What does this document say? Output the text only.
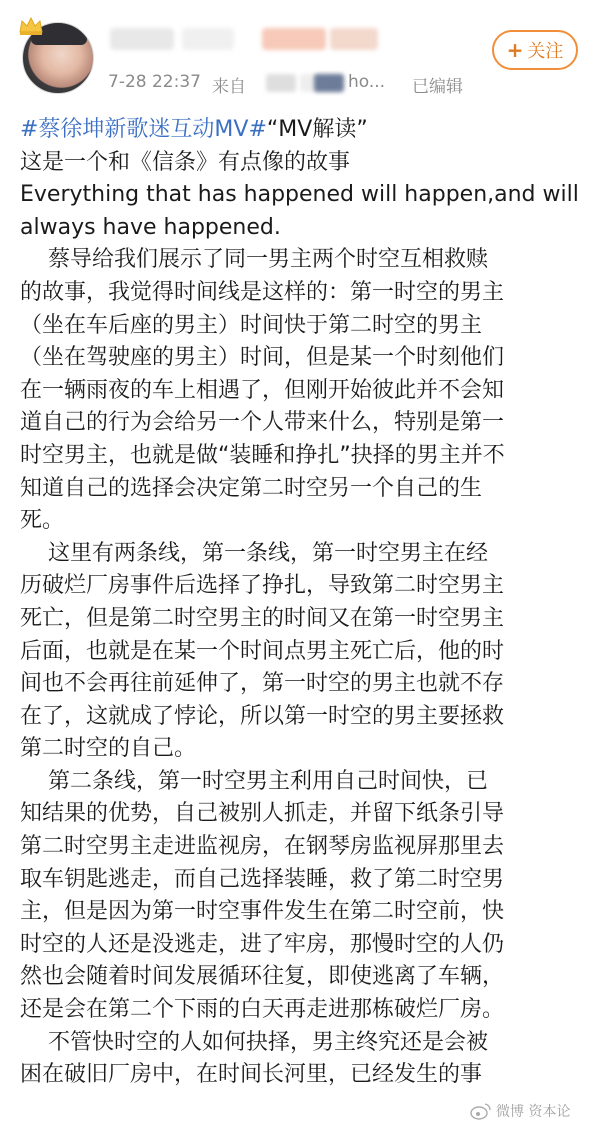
7-28 22:37 来自	ho... 已编辑
+ 关注

#蔡徐坤新歌迷互动MV#“MV解读”

这是一个和《信条》有点像的故事

Everything that has happened will happen,and will

always have happened.

蔡导给我们展示了同一男主两个时空互相救赎

的故事，我觉得时间线是这样的：第一时空的男主

（坐在车后座的男主）时间快于第二时空的男主

（坐在驾驶座的男主）时间，但是某一个时刻他们

在一辆雨夜的车上相遇了，但刚开始彼此并不会知

道自己的行为会给另一个人带来什么，特别是第一

时空男主，也就是做“装睡和挣扎”抉择的男主并不

知道自己的选择会决定第二时空另一个自己的生

死。

这里有两条线，第一条线，第一时空男主在经

历破烂厂房事件后选择了挣扎，导致第二时空男主

死亡，但是第二时空男主的时间又在第一时空男主

后面，也就是在某一个时间点男主死亡后，他的时

间也不会再往前延伸了，第一时空的男主也就不存

在了，这就成了悖论，所以第一时空的男主要拯救

第二时空的自己。

第二条线，第一时空男主利用自己时间快，已

知结果的优势，自己被别人抓走，并留下纸条引导

第二时空男主走进监视房，在钢琴房监视屏那里去

取车钥匙逃走，而自己选择装睡，救了第二时空男

主，但是因为第一时空事件发生在第二时空前，快

时空的人还是没逃走，进了牢房，那慢时空的人仍

然也会随着时间发展循环往复，即使逃离了车辆，

还是会在第二个下雨的白天再走进那栋破烂厂房。

不管快时空的人如何抉择，男主终究还是会被

困在破旧厂房中，在时间长河里，已经发生的事

微博 资本论
